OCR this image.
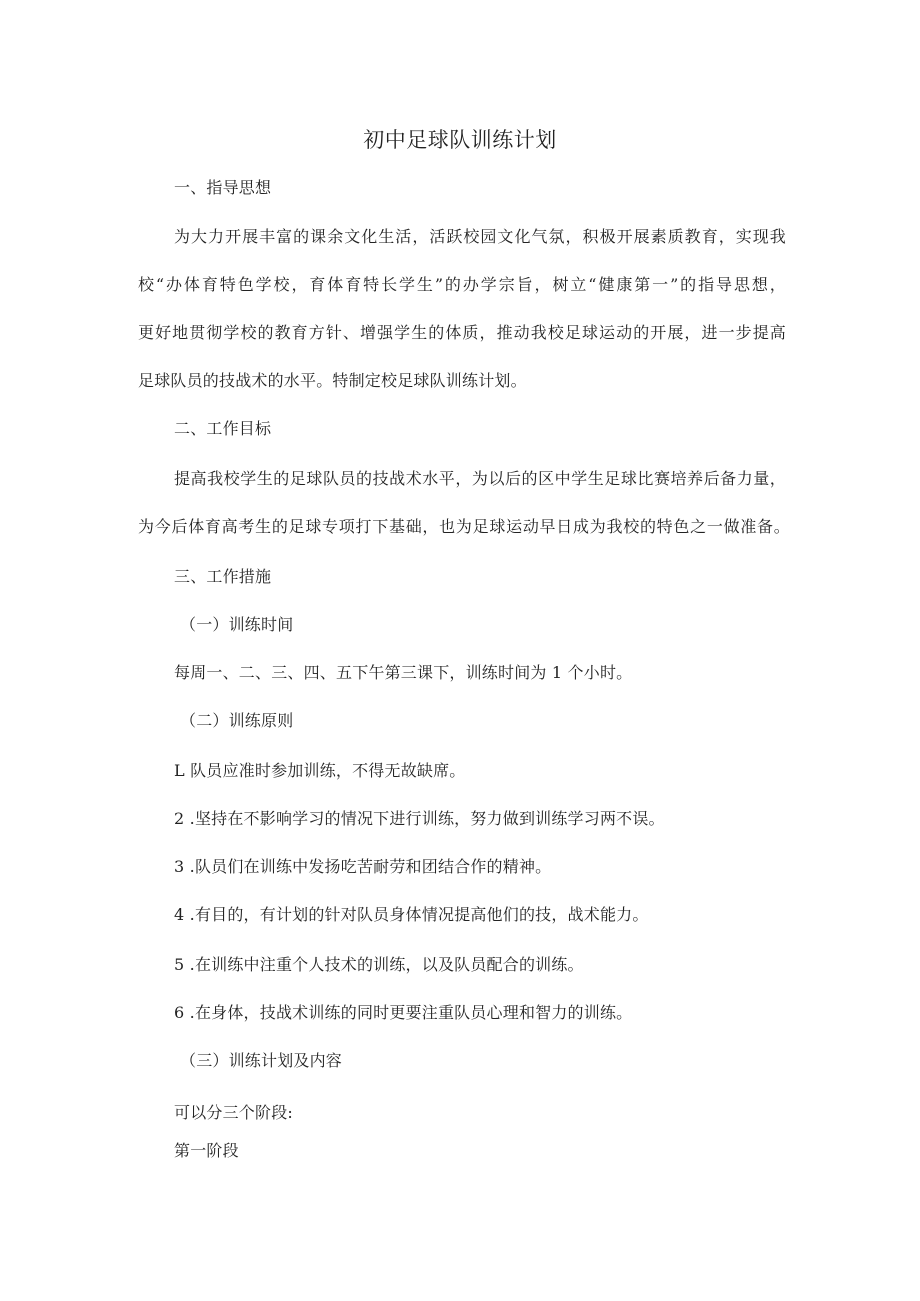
初中足球队训练计划
一、指导思想
为大力开展丰富的课余文化生活，活跃校园文化气氛，积极开展素质教育，实现我
校“办体育特色学校，育体育特长学生”的办学宗旨，树立“健康第一”的指导思想，
更好地贯彻学校的教育方针、增强学生的体质，推动我校足球运动的开展，进一步提高
足球队员的技战术的水平。特制定校足球队训练计划。
二、工作目标
提高我校学生的足球队员的技战术水平，为以后的区中学生足球比赛培养后备力量，
为今后体育高考生的足球专项打下基础，也为足球运动早日成为我校的特色之一做准备。
三、工作措施
（一）训练时间
每周一、二、三、四、五下午第三课下，训练时间为 1 个小时。
（二）训练原则
L 队员应准时参加训练，不得无故缺席。
2 .坚持在不影响学习的情况下进行训练，努力做到训练学习两不误。
3 .队员们在训练中发扬吃苦耐劳和团结合作的精神。
4 .有目的，有计划的针对队员身体情况提高他们的技，战术能力。
5 .在训练中注重个人技术的训练，以及队员配合的训练。
6 .在身体，技战术训练的同时更要注重队员心理和智力的训练。
（三）训练计划及内容
可以分三个阶段:
第一阶段
